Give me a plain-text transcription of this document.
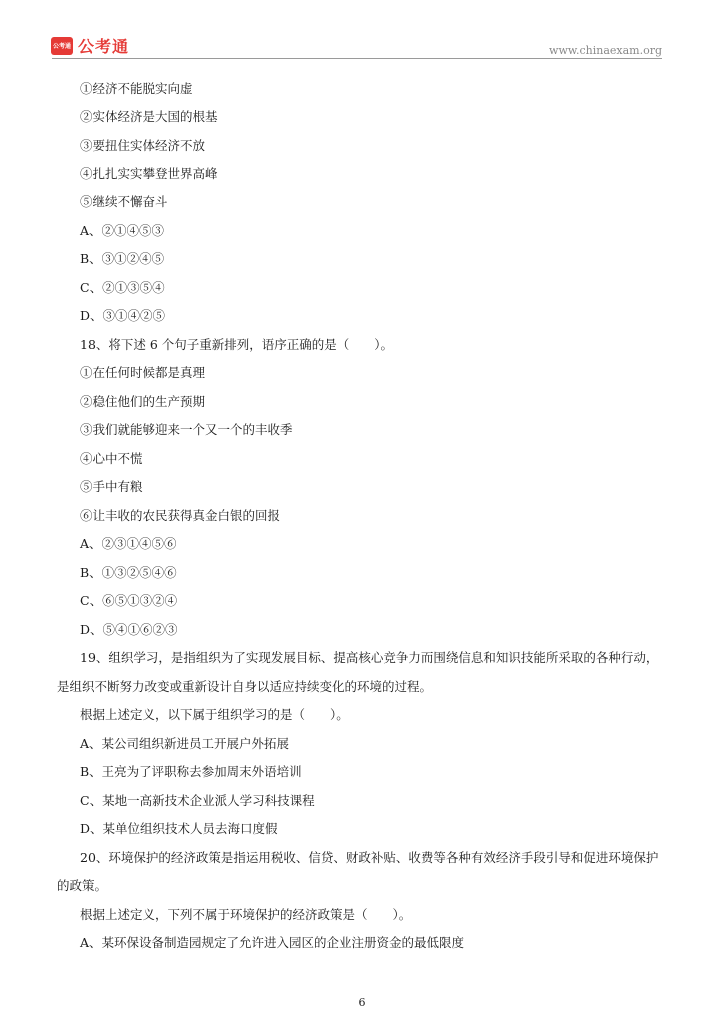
公考通 公考通	www.chinaexam.org
①经济不能脱实向虚
②实体经济是大国的根基
③要扭住实体经济不放
④扎扎实实攀登世界高峰
⑤继续不懈奋斗
A、②①④⑤③
B、③①②④⑤
C、②①③⑤④
D、③①④②⑤
18、将下述 6 个句子重新排列，语序正确的是（　　）。
①在任何时候都是真理
②稳住他们的生产预期
③我们就能够迎来一个又一个的丰收季
④心中不慌
⑤手中有粮
⑥让丰收的农民获得真金白银的回报
A、②③①④⑤⑥
B、①③②⑤④⑥
C、⑥⑤①③②④
D、⑤④①⑥②③
19、组织学习，是指组织为了实现发展目标、提高核心竞争力而围绕信息和知识技能所采取的各种行动，
是组织不断努力改变或重新设计自身以适应持续变化的环境的过程。
根据上述定义，以下属于组织学习的是（　　）。
A、某公司组织新进员工开展户外拓展
B、王亮为了评职称去参加周末外语培训
C、某地一高新技术企业派人学习科技课程
D、某单位组织技术人员去海口度假
20、环境保护的经济政策是指运用税收、信贷、财政补贴、收费等各种有效经济手段引导和促进环境保护
的政策。
根据上述定义，下列不属于环境保护的经济政策是（　　）。
A、某环保设备制造园规定了允许进入园区的企业注册资金的最低限度
6
